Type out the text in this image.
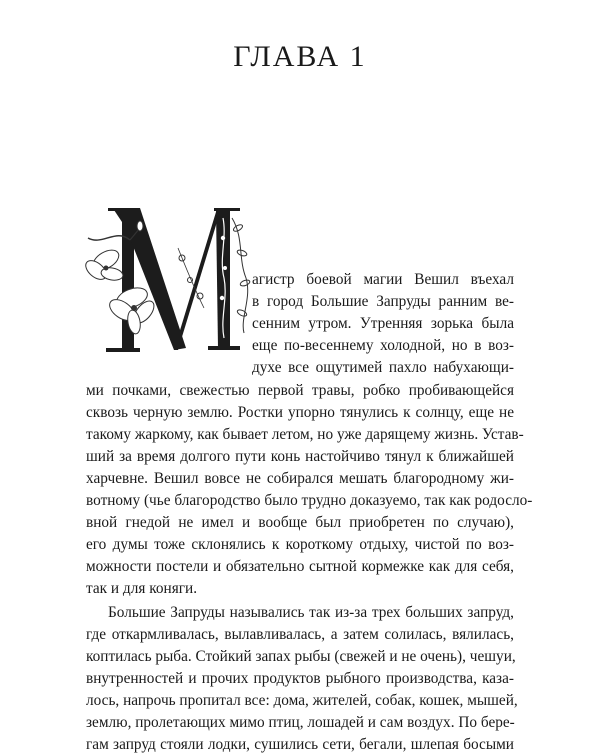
ГЛАВА 1
агистр боевой магии Вешил въехал
в город Большие Запруды ранним ве-
сенним утром. Утренняя зорька была
еще по-весеннему холодной, но в воз-
духе все ощутимей пахло набухающи-
ми почками, свежестью первой травы, робко пробивающейся
сквозь черную землю. Ростки упорно тянулись к солнцу, еще не
такому жаркому, как бывает летом, но уже дарящему жизнь. Устав-
ший за время долгого пути конь настойчиво тянул к ближайшей
харчевне. Вешил вовсе не собирался мешать благородному жи-
вотному (чье благородство было трудно доказуемо, так как родосло-
вной гнедой не имел и вообще был приобретен по случаю),
его думы тоже склонялись к короткому отдыху, чистой по воз-
можности постели и обязательно сытной кормежке как для себя,
так и для коняги.
Большие Запруды назывались так из-за трех больших запруд,
где откармливалась, вылавливалась, а затем солилась, вялилась,
коптилась рыба. Стойкий запах рыбы (свежей и не очень), чешуи,
внутренностей и прочих продуктов рыбного производства, каза-
лось, напрочь пропитал все: дома, жителей, собак, кошек, мышей,
землю, пролетающих мимо птиц, лошадей и сам воздух. По бере-
гам запруд стояли лодки, сушились сети, бегали, шлепая босыми
